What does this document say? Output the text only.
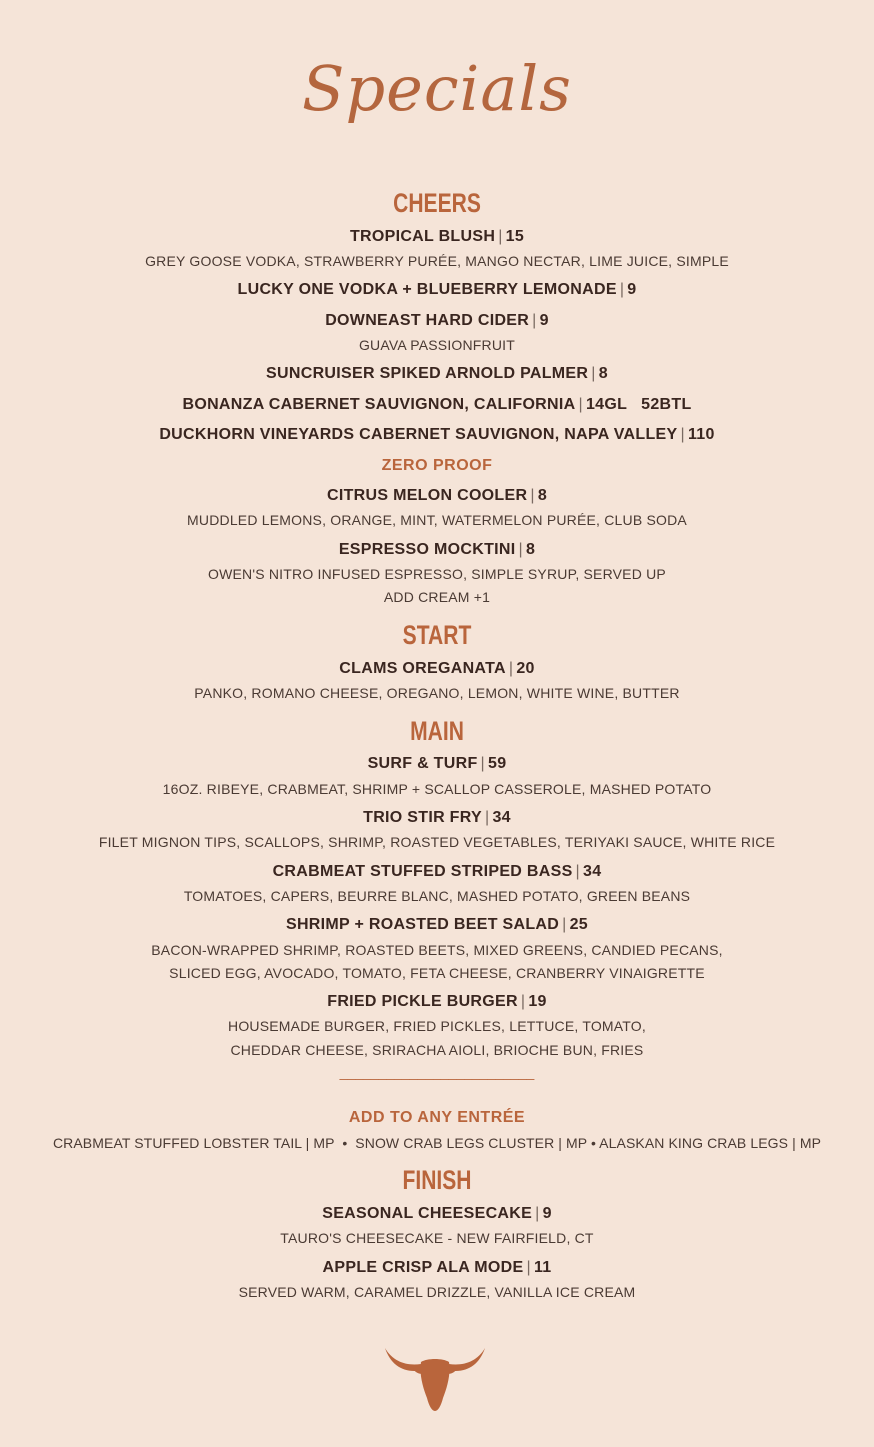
Specials
CHEERS
TROPICAL BLUSH | 15
GREY GOOSE VODKA, STRAWBERRY PURÉE, MANGO NECTAR, LIME JUICE, SIMPLE
LUCKY ONE VODKA + BLUEBERRY LEMONADE | 9
DOWNEAST HARD CIDER | 9
GUAVA PASSIONFRUIT
SUNCRUISER SPIKED ARNOLD PALMER | 8
BONANZA CABERNET SAUVIGNON, CALIFORNIA | 14GL   52BTL
DUCKHORN VINEYARDS CABERNET SAUVIGNON, NAPA VALLEY | 110
ZERO PROOF
CITRUS MELON COOLER | 8
MUDDLED LEMONS, ORANGE, MINT, WATERMELON PURÉE, CLUB SODA
ESPRESSO MOCKTINI | 8
OWEN'S NITRO INFUSED ESPRESSO, SIMPLE SYRUP, SERVED UP
ADD CREAM +1
START
CLAMS OREGANATA | 20
PANKO, ROMANO CHEESE, OREGANO, LEMON, WHITE WINE, BUTTER
MAIN
SURF & TURF | 59
16OZ. RIBEYE, CRABMEAT, SHRIMP + SCALLOP CASSEROLE, MASHED POTATO
TRIO STIR FRY | 34
FILET MIGNON TIPS, SCALLOPS, SHRIMP, ROASTED VEGETABLES, TERIYAKI SAUCE, WHITE RICE
CRABMEAT STUFFED STRIPED BASS | 34
TOMATOES, CAPERS, BEURRE BLANC, MASHED POTATO, GREEN BEANS
SHRIMP + ROASTED BEET SALAD | 25
BACON-WRAPPED SHRIMP, ROASTED BEETS, MIXED GREENS, CANDIED PECANS,
SLICED EGG, AVOCADO, TOMATO, FETA CHEESE, CRANBERRY VINAIGRETTE
FRIED PICKLE BURGER | 19
HOUSEMADE BURGER, FRIED PICKLES, LETTUCE, TOMATO,
CHEDDAR CHEESE, SRIRACHA AIOLI, BRIOCHE BUN, FRIES
_________________________
ADD TO ANY ENTRÉE
CRABMEAT STUFFED LOBSTER TAIL | MP  •  SNOW CRAB LEGS CLUSTER | MP • ALASKAN KING CRAB LEGS | MP
FINISH
SEASONAL CHEESECAKE | 9
TAURO'S CHEESECAKE - NEW FAIRFIELD, CT
APPLE CRISP ALA MODE | 11
SERVED WARM, CARAMEL DRIZZLE, VANILLA ICE CREAM
